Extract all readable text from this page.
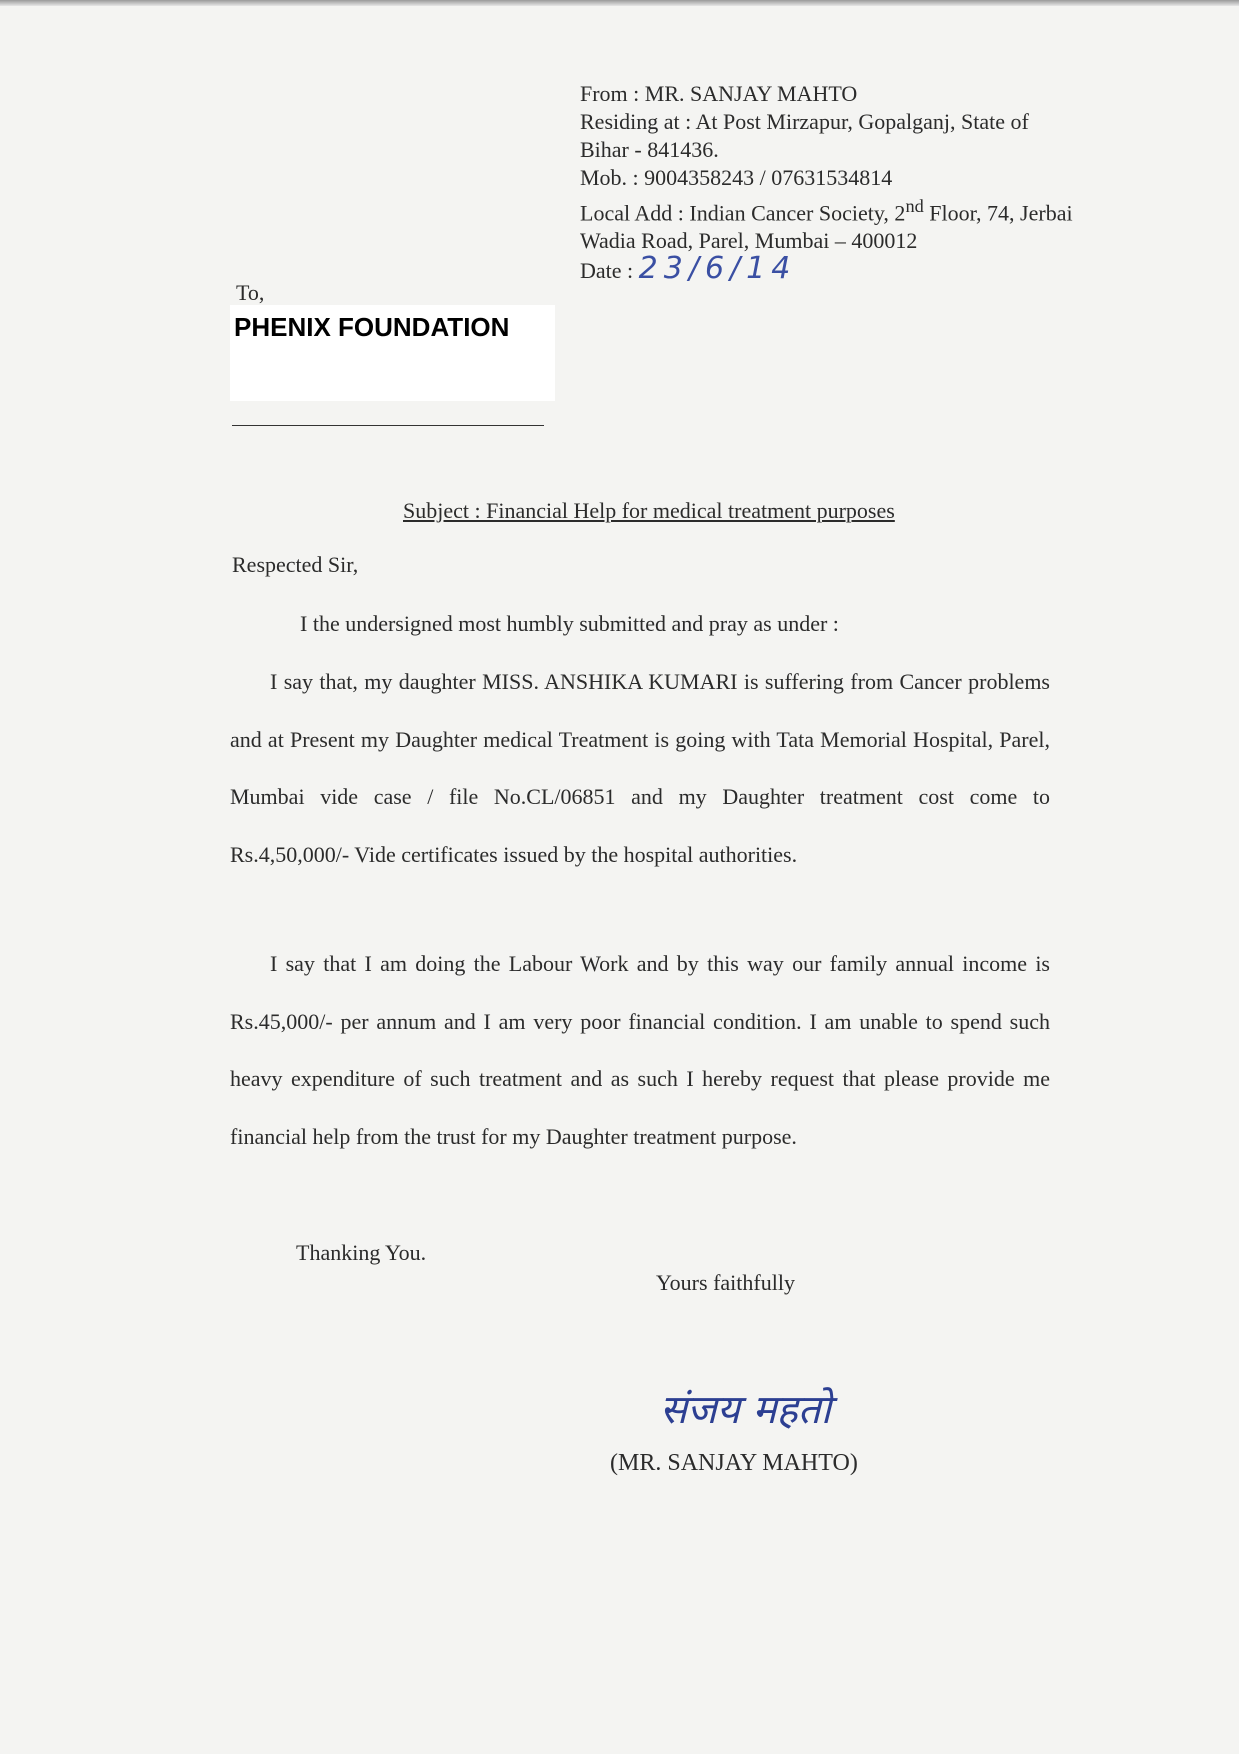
From : MR. SANJAY MAHTO
Residing at : At Post Mirzapur, Gopalganj, State of
Bihar - 841436.
Mob. : 9004358243 / 07631534814
Local Add : Indian Cancer Society, 2nd Floor, 74, Jerbai
Wadia Road, Parel, Mumbai – 400012
Date : 23/6/14
To,
PHENIX FOUNDATION
Subject : Financial Help for medical treatment purposes
Respected Sir,
I the undersigned most humbly submitted and pray as under :
I say that, my daughter MISS. ANSHIKA KUMARI is suffering from Cancer problems and at Present my Daughter medical Treatment is going with Tata Memorial Hospital, Parel, Mumbai vide case / file No.CL/06851 and my Daughter treatment cost come to Rs.4,50,000/- Vide certificates issued by the hospital authorities.
I say that I am doing the Labour Work and by this way our family annual income is Rs.45,000/- per annum and I am very poor financial condition. I am unable to spend such heavy expenditure of such treatment and as such I hereby request that please provide me financial help from the trust for my Daughter treatment purpose.
Thanking You.
Yours faithfully
संजय महतो
(MR. SANJAY MAHTO)
